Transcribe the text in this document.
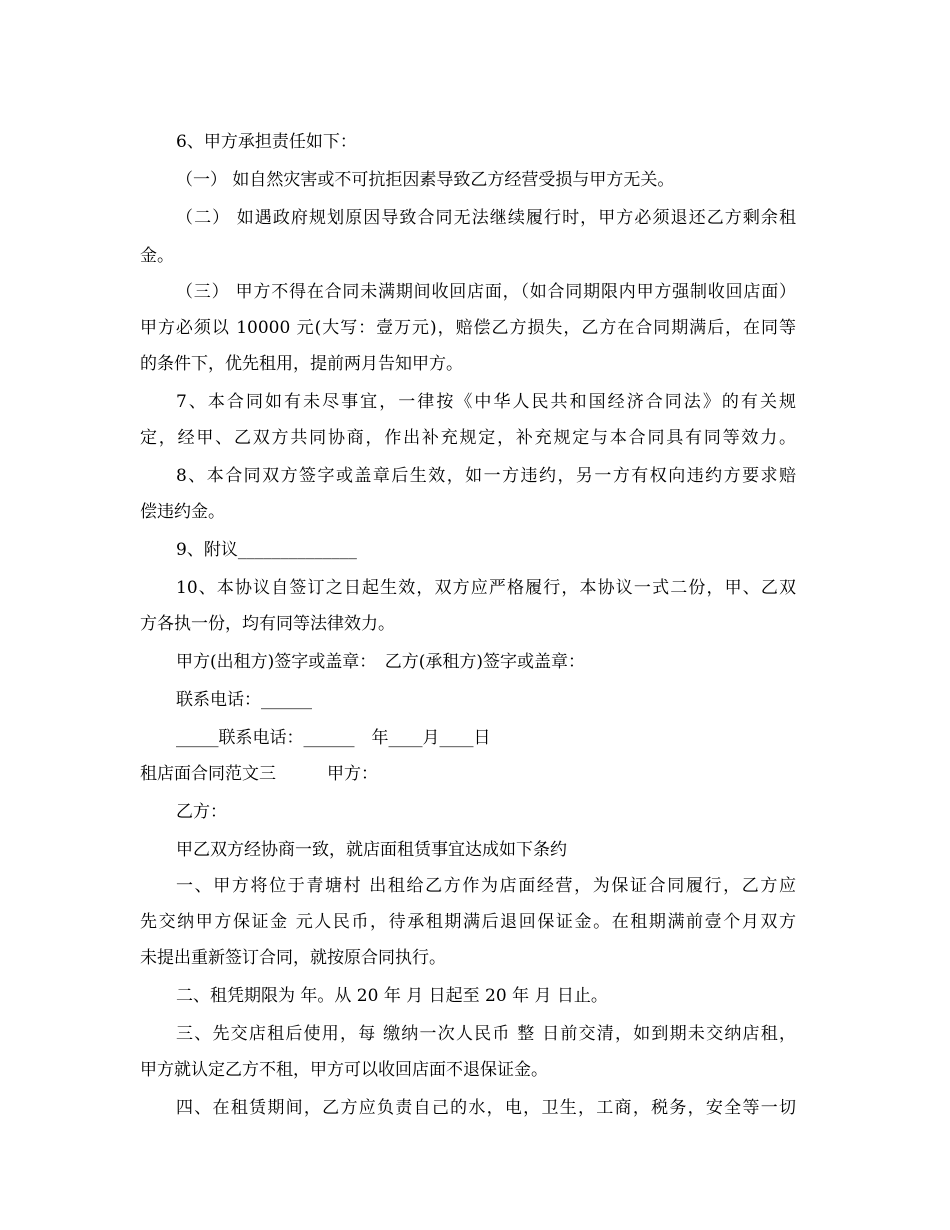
6、甲方承担责任如下：
（一） 如自然灾害或不可抗拒因素导致乙方经营受损与甲方无关。
（二） 如遇政府规划原因导致合同无法继续履行时，甲方必须退还乙方剩余租
金。
（三） 甲方不得在合同未满期间收回店面，（如合同期限内甲方强制收回店面）
甲方必须以 10000 元(大写：壹万元)，赔偿乙方损失，乙方在合同期满后，在同等
的条件下，优先租用，提前两月告知甲方。
7、本合同如有未尽事宜，一律按《中华人民共和国经济合同法》的有关规
定，经甲、乙双方共同协商，作出补充规定，补充规定与本合同具有同等效力。
8、本合同双方签字或盖章后生效，如一方违约，另一方有权向违约方要求赔
偿违约金。
9、附议______________
10、本协议自签订之日起生效，双方应严格履行，本协议一式二份，甲、乙双
方各执一份，均有同等法律效力。
甲方(出租方)签字或盖章：　乙方(承租方)签字或盖章：
联系电话：______
_____联系电话：______　年____月____日
租店面合同范文三　　　甲方：
乙方：
甲乙双方经协商一致，就店面租赁事宜达成如下条约
一、甲方将位于青塘村 出租给乙方作为店面经营，为保证合同履行，乙方应
先交纳甲方保证金 元人民币，待承租期满后退回保证金。在租期满前壹个月双方
未提出重新签订合同，就按原合同执行。
二、租凭期限为 年。从 20 年 月 日起至 20 年 月 日止。
三、先交店租后使用，每 缴纳一次人民币 整 日前交清，如到期未交纳店租，
甲方就认定乙方不租，甲方可以收回店面不退保证金。
四、在租赁期间，乙方应负责自己的水，电，卫生，工商，税务，安全等一切
